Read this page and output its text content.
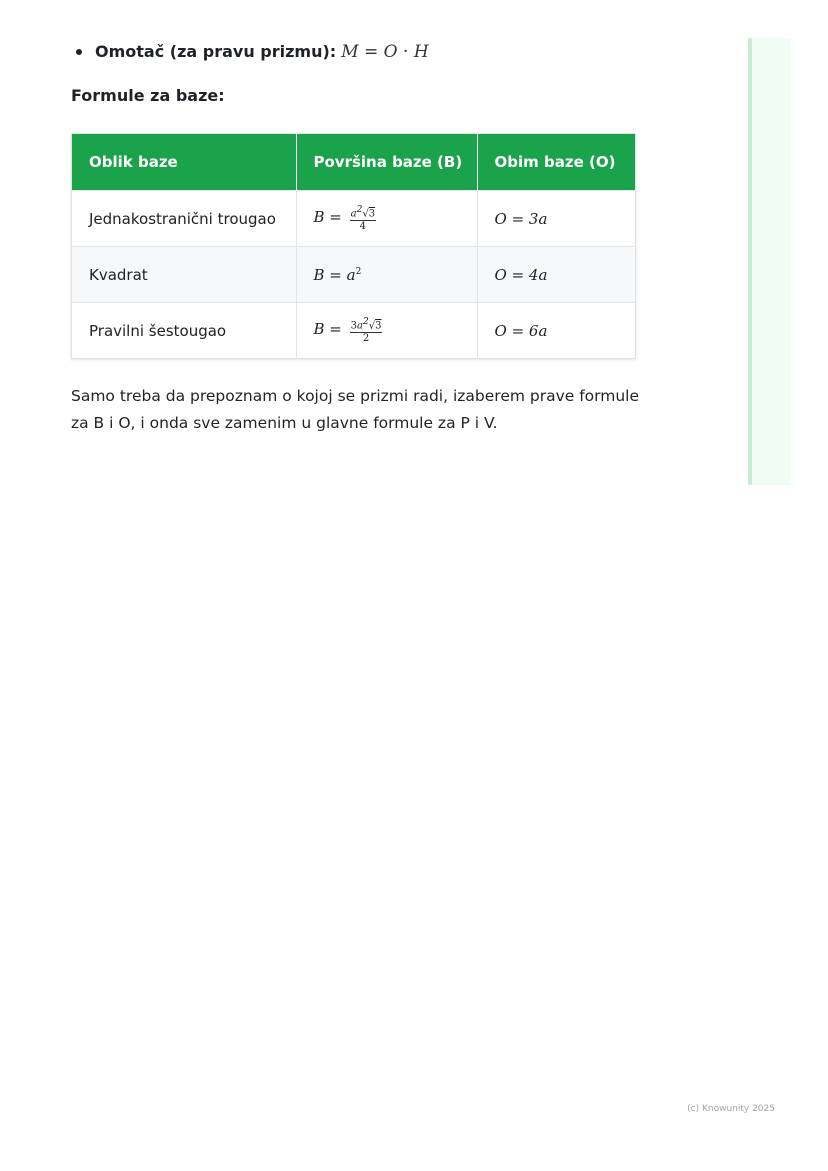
Omotač (za pravu prizmu): M = O · H
Formule za baze:
Oblik baze	Površina baze (B)	Obim baze (O)
Jednakostranični trougao	$B = \frac{a^2√3}{4}$	O = 3a
Kvadrat	$B = a^2$	O = 4a
Pravilni šestougao	$B = \frac{3a^2√3}{2}$	O = 6a
Samo treba da prepoznam o kojoj se prizmi radi, izaberem prave formule za B i O, i onda sve zamenim u glavne formule za P i V.
(c) Knowunity 2025
